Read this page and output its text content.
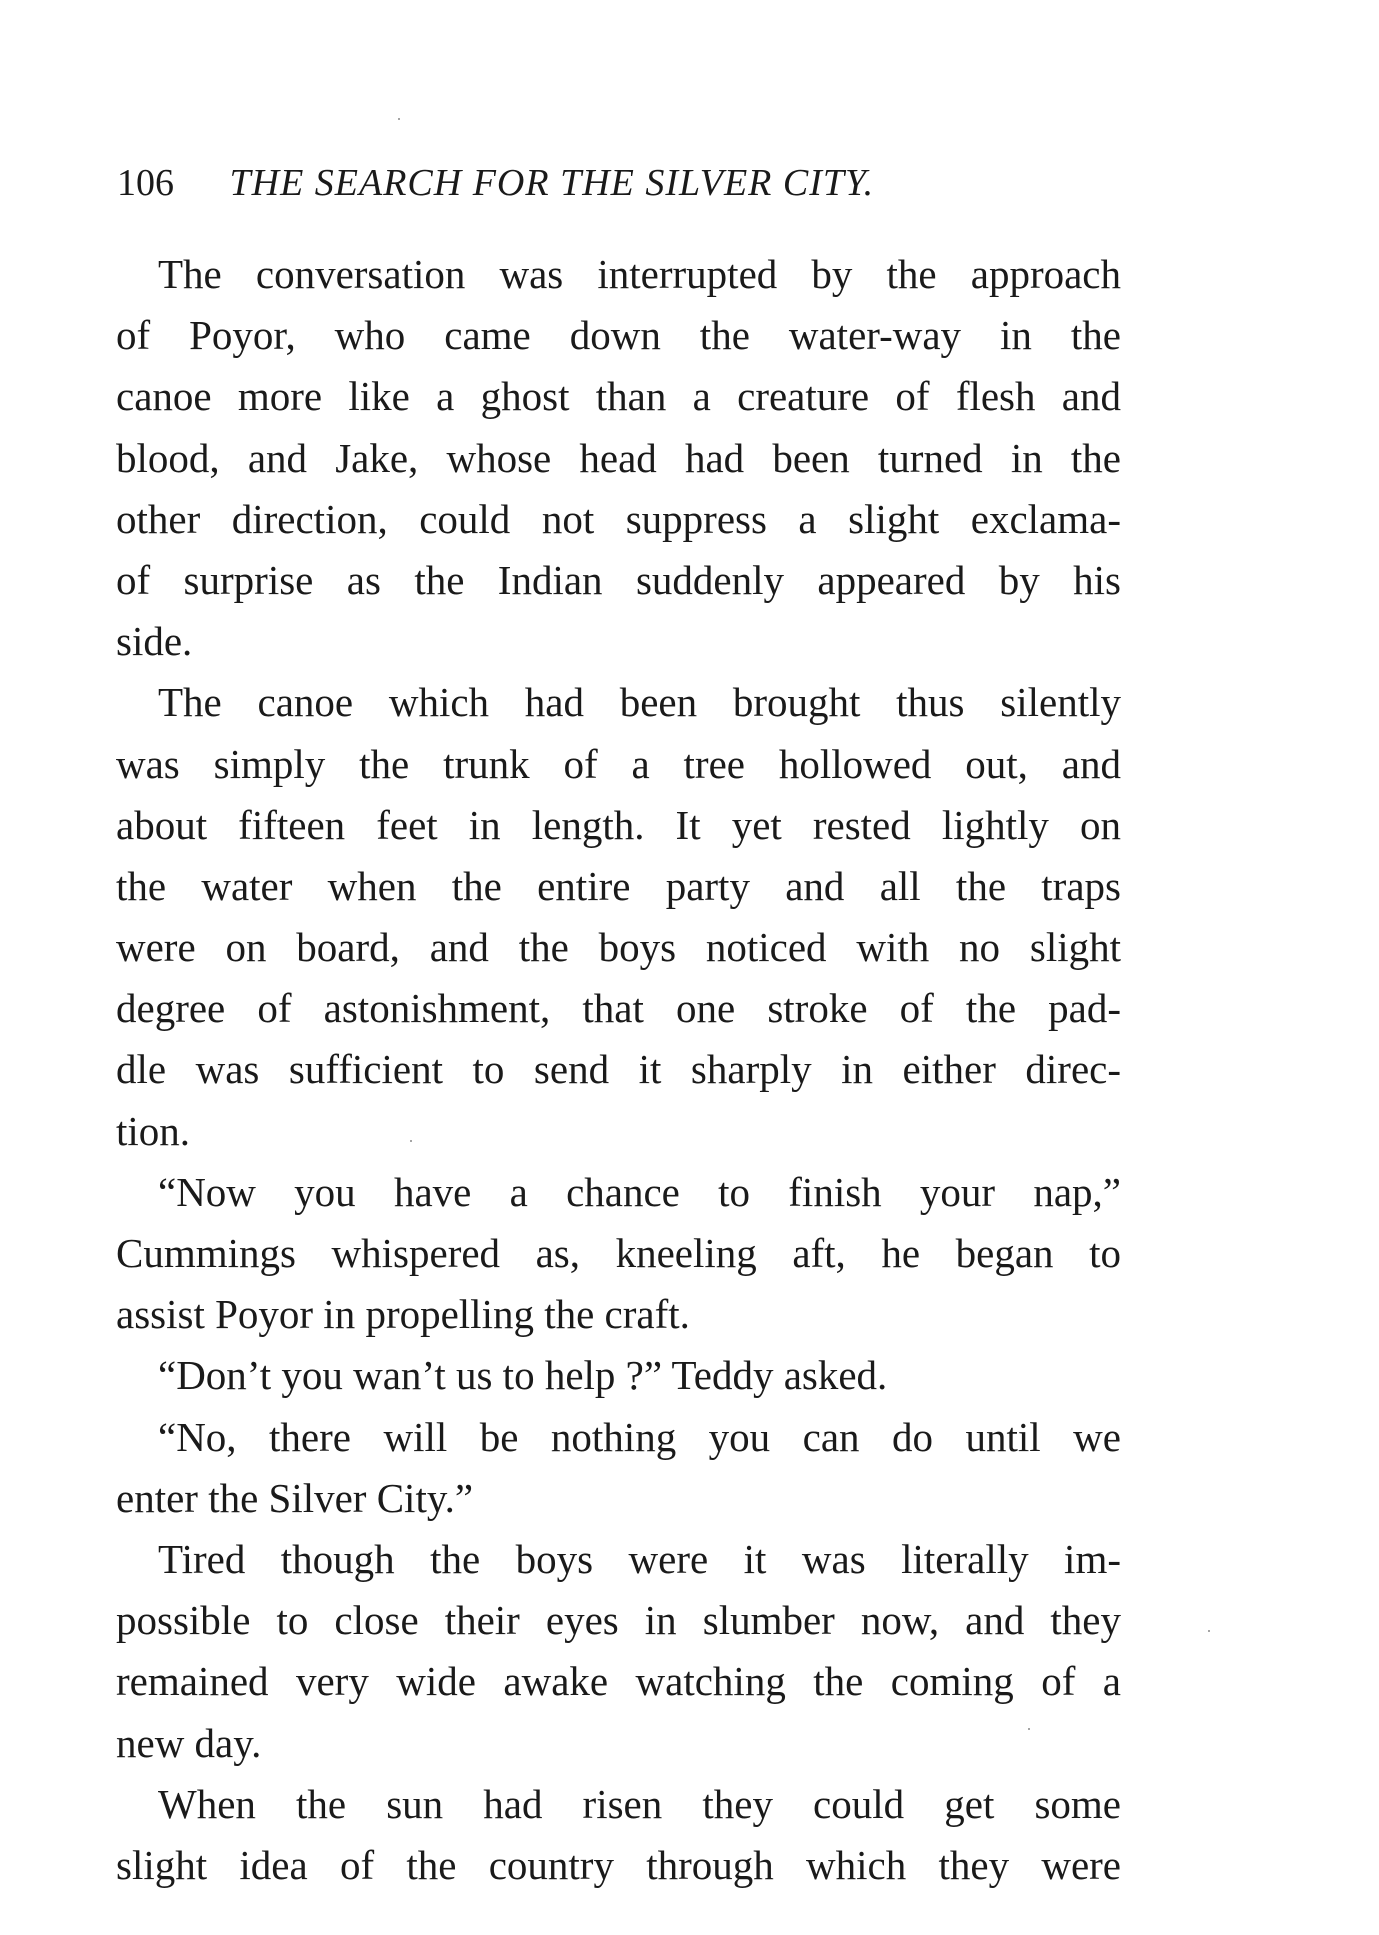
106 THE SEARCH FOR THE SILVER CITY.
The conversation was interrupted by the approach
of Poyor, who came down the water-way in the
canoe more like a ghost than a creature of flesh and
blood, and Jake, whose head had been turned in the
other direction, could not suppress a slight exclama-
of surprise as the Indian suddenly appeared by his
side.
The canoe which had been brought thus silently
was simply the trunk of a tree hollowed out, and
about fifteen feet in length. It yet rested lightly on
the water when the entire party and all the traps
were on board, and the boys noticed with no slight
degree of astonishment, that one stroke of the pad-
dle was sufficient to send it sharply in either direc-
tion.
“Now you have a chance to finish your nap,”
Cummings whispered as, kneeling aft, he began to
assist Poyor in propelling the craft.
“Don’t you wan’t us to help ?” Teddy asked.
“No, there will be nothing you can do until we
enter the Silver City.”
Tired though the boys were it was literally im-
possible to close their eyes in slumber now, and they
remained very wide awake watching the coming of a
new day.
When the sun had risen they could get some
slight idea of the country through which they were
